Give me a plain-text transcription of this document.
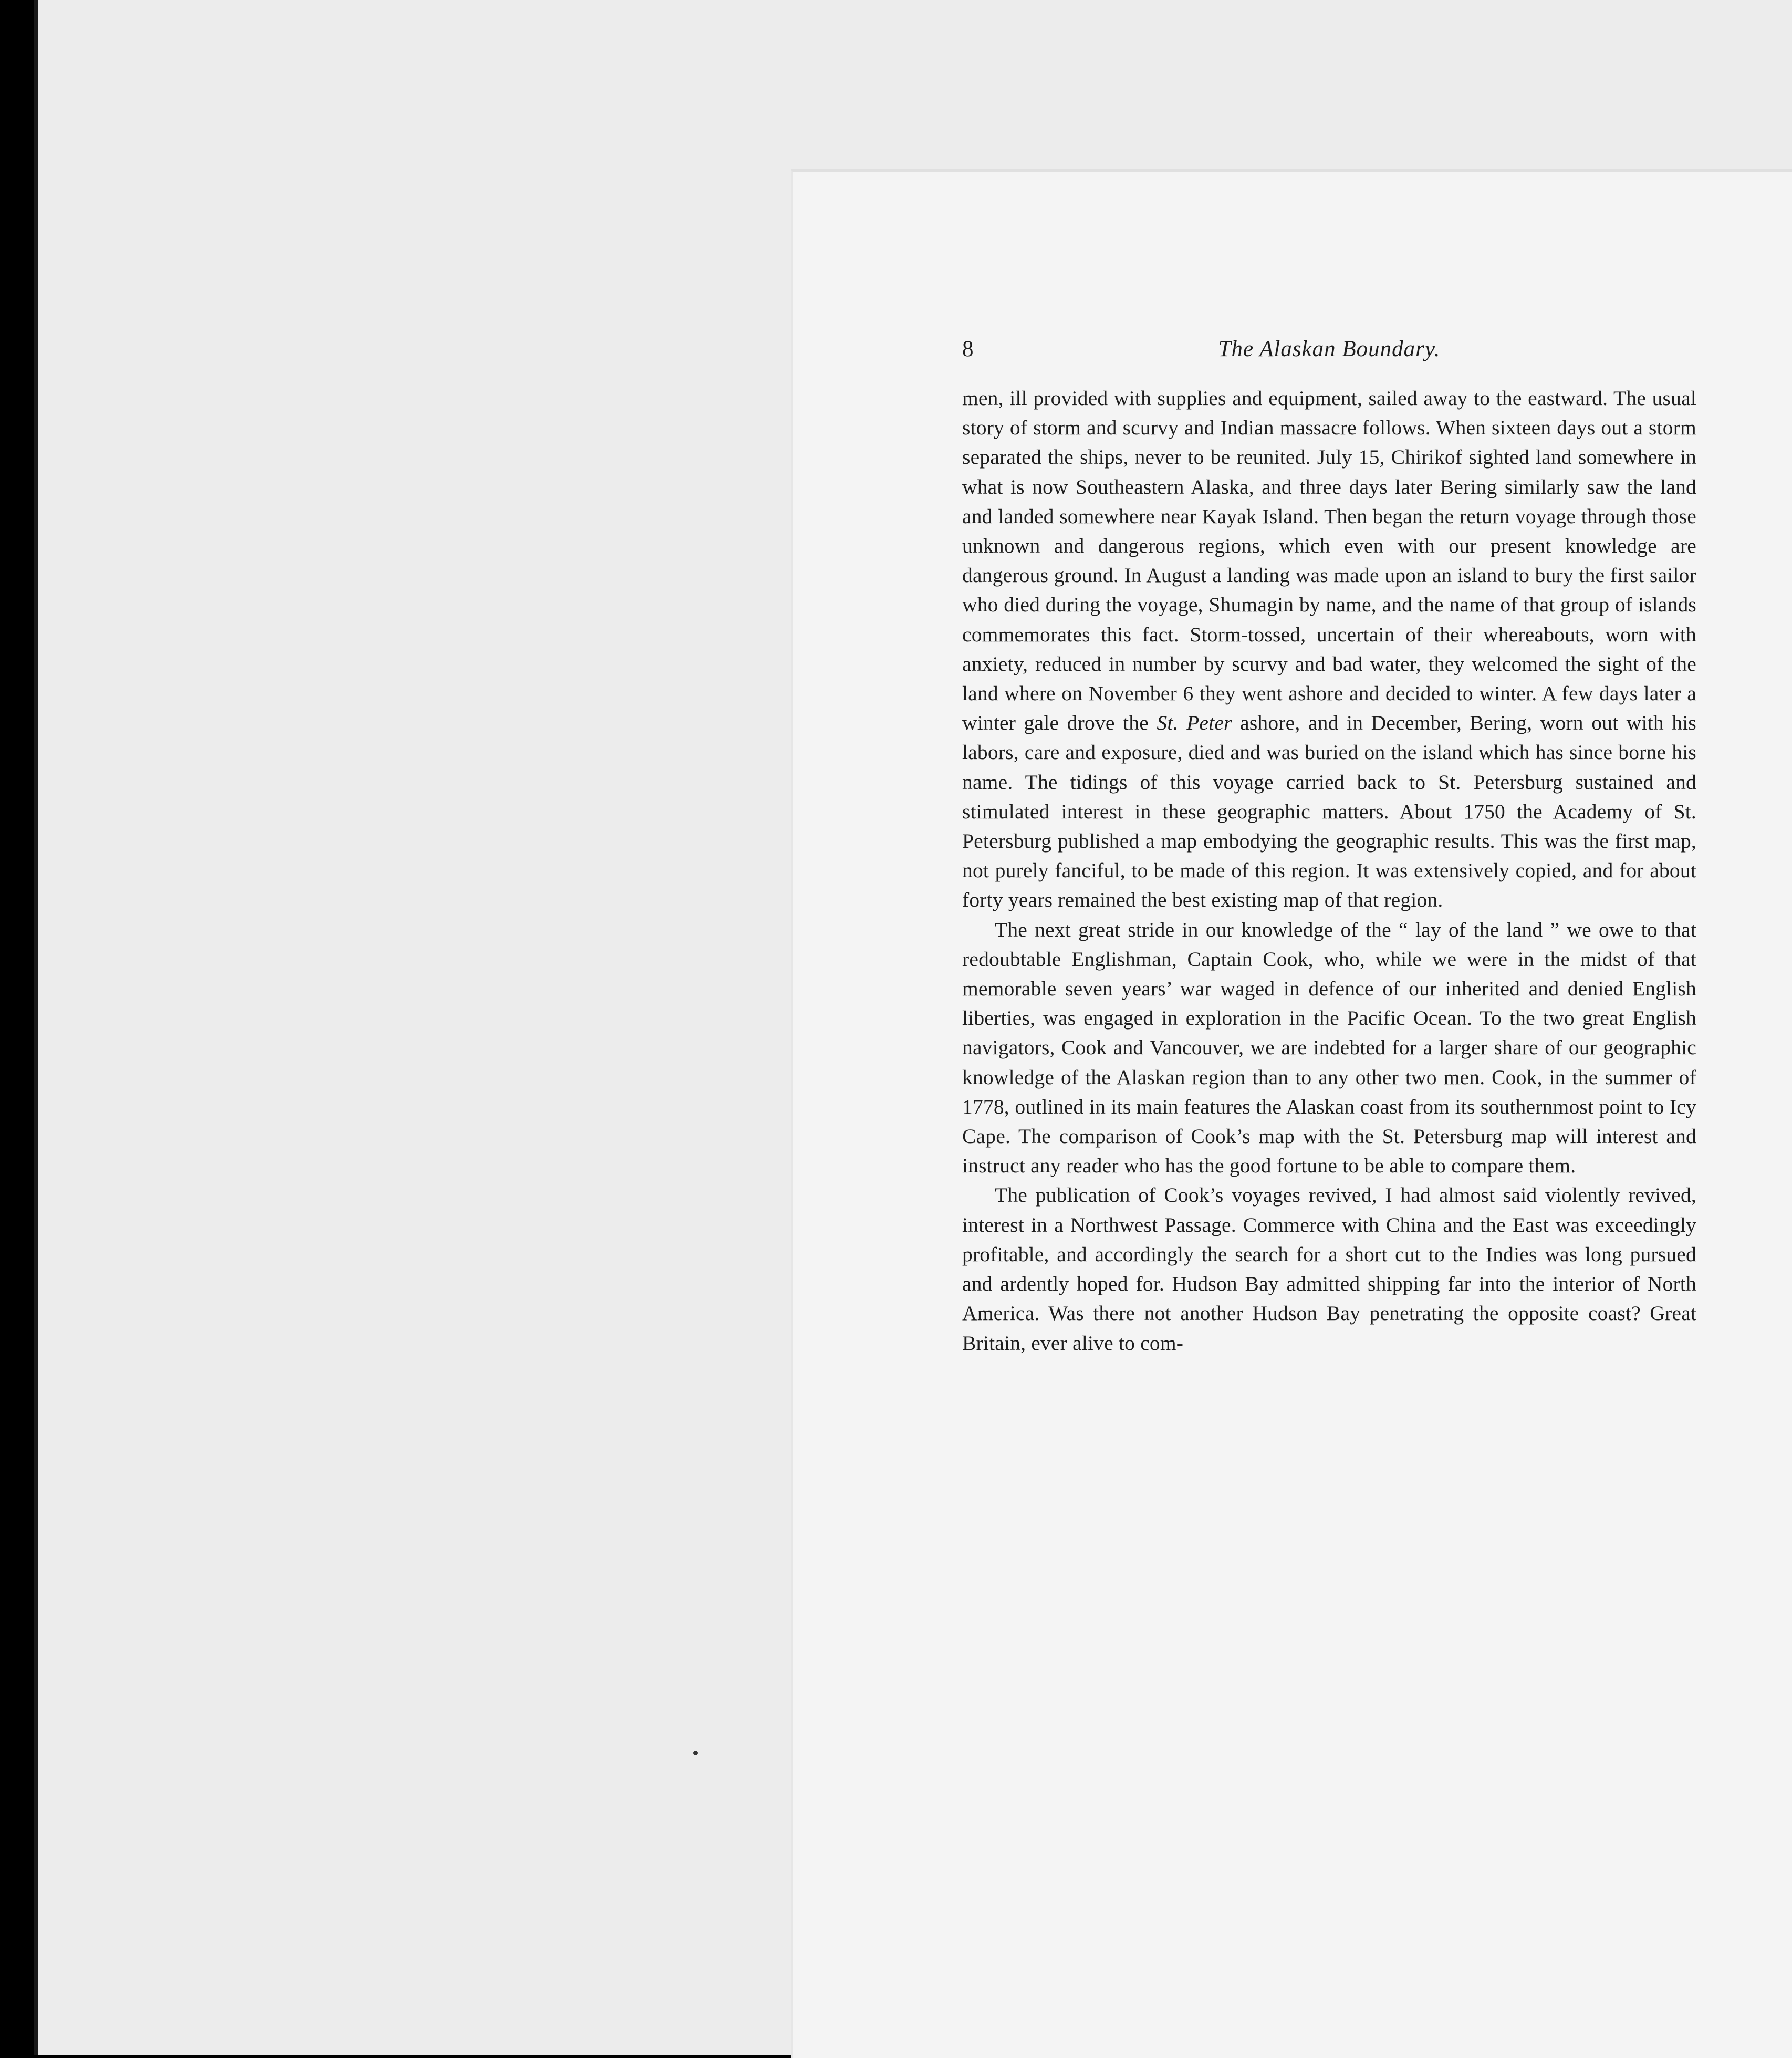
8	The Alaskan Boundary.

men, ill provided with supplies and equipment, sailed away to the eastward. The usual story of storm and scurvy and Indian massacre follows. When sixteen days out a storm separated the ships, never to be reunited. July 15, Chirikof sighted land somewhere in what is now Southeastern Alaska, and three days later Bering similarly saw the land and landed somewhere near Kayak Island. Then began the return voyage through those unknown and dangerous regions, which even with our present knowledge are dangerous ground. In August a landing was made upon an island to bury the first sailor who died during the voyage, Shumagin by name, and the name of that group of islands commemorates this fact. Storm-tossed, uncertain of their whereabouts, worn with anxiety, reduced in number by scurvy and bad water, they welcomed the sight of the land where on November 6 they went ashore and decided to winter. A few days later a winter gale drove the St. Peter ashore, and in December, Bering, worn out with his labors, care and exposure, died and was buried on the island which has since borne his name. The tidings of this voyage carried back to St. Petersburg sustained and stimulated interest in these geographic matters. About 1750 the Academy of St. Petersburg published a map embodying the geographic results. This was the first map, not purely fanciful, to be made of this region. It was extensively copied, and for about forty years remained the best existing map of that region.

The next great stride in our knowledge of the “ lay of the land ” we owe to that redoubtable Englishman, Captain Cook, who, while we were in the midst of that memorable seven years’ war waged in defence of our inherited and denied English liberties, was engaged in exploration in the Pacific Ocean. To the two great English navigators, Cook and Vancouver, we are indebted for a larger share of our geographic knowledge of the Alaskan region than to any other two men. Cook, in the summer of 1778, outlined in its main features the Alaskan coast from its southernmost point to Icy Cape. The comparison of Cook’s map with the St. Petersburg map will interest and instruct any reader who has the good fortune to be able to compare them.

The publication of Cook’s voyages revived, I had almost said violently revived, interest in a Northwest Passage. Commerce with China and the East was exceedingly profitable, and accordingly the search for a short cut to the Indies was long pursued and ardently hoped for. Hudson Bay admitted shipping far into the interior of North America. Was there not another Hudson Bay penetrating the opposite coast? Great Britain, ever alive to com-
